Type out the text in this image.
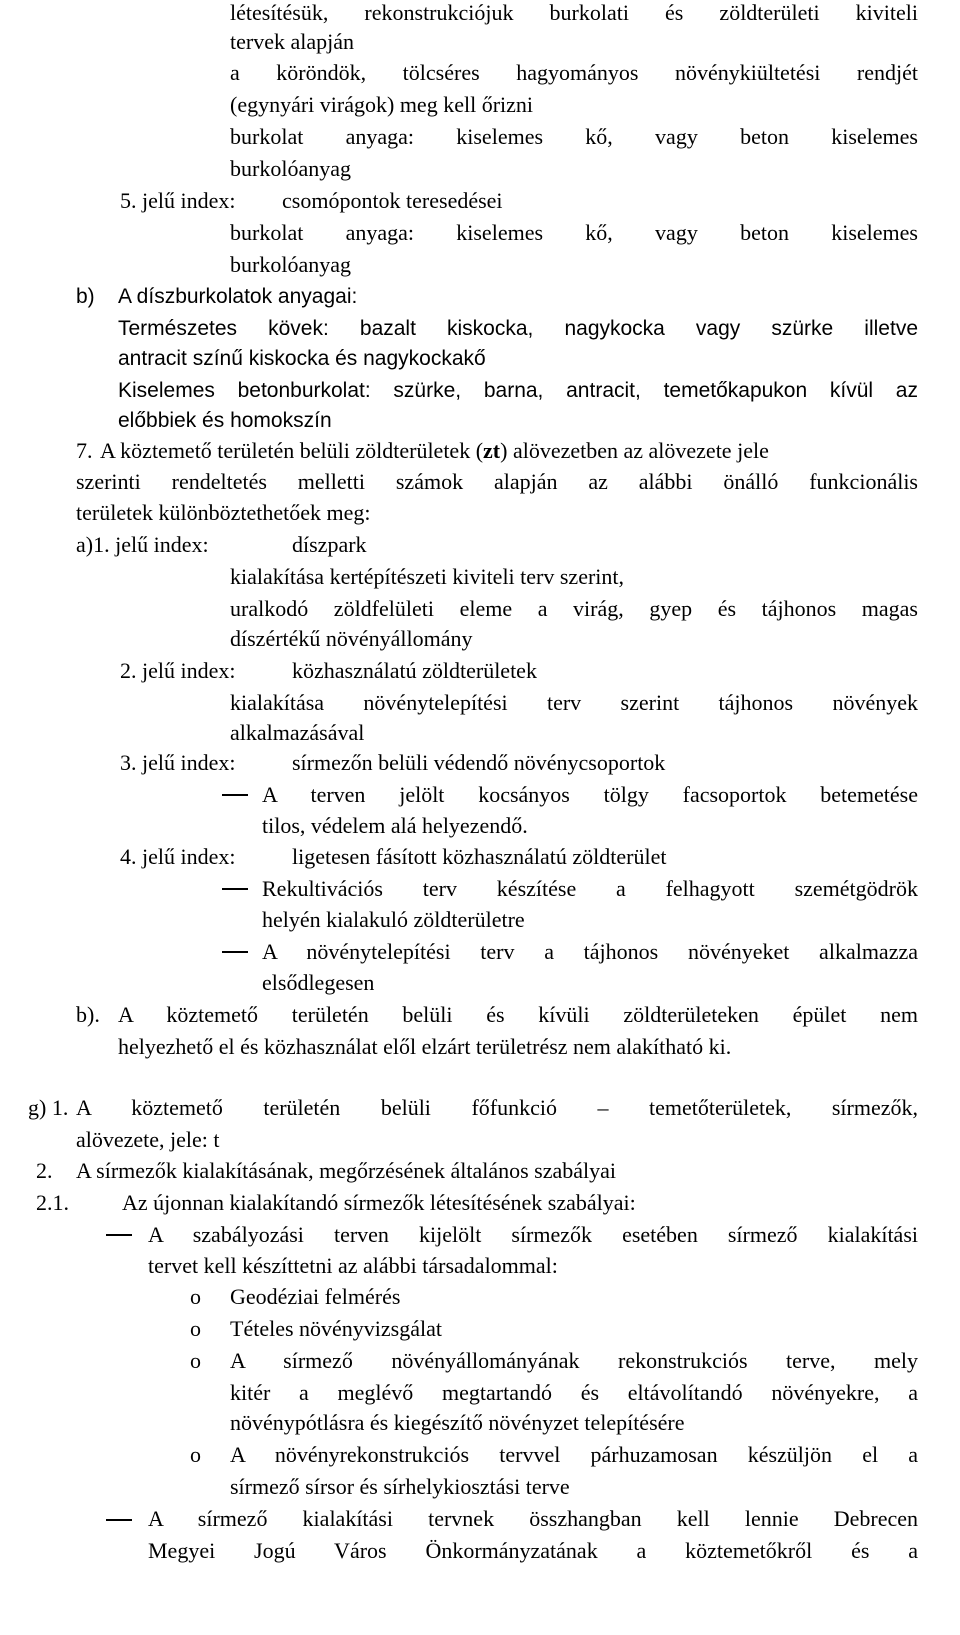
létesítésük, rekonstrukciójuk burkolati és zöldterületi kiviteli
tervek alapján
a köröndök, tölcséres hagyományos növénykiültetési rendjét
(egynyári virágok) meg kell őrizni
burkolat anyaga: kiselemes kő, vagy beton kiselemes
burkolóanyag
5. jelű index: csomópontok teresedései
burkolat anyaga: kiselemes kő, vagy beton kiselemes
burkolóanyag
b) A díszburkolatok anyagai:
Természetes kövek: bazalt kiskocka, nagykocka vagy szürke illetve
antracit színű kiskocka és nagykockakő
Kiselemes betonburkolat: szürke, barna, antracit, temetőkapukon kívül az
előbbiek és homokszín
7. A köztemető területén belüli zöldterületek (zt) alövezetben az alövezete jele
szerinti rendeltetés melletti számok alapján az alábbi önálló funkcionális
területek különböztethetőek meg:
a)1. jelű index:	díszpark
kialakítása kertépítészeti kiviteli terv szerint,
uralkodó zöldfelületi eleme a virág, gyep és tájhonos magas
díszértékű növényállomány
2. jelű index:	közhasználatú zöldterületek
kialakítása növénytelepítési terv szerint tájhonos növények
alkalmazásával
3. jelű index:	sírmezőn belüli védendő növénycsoportok
A terven jelölt kocsányos tölgy facsoportok betemetése
tilos, védelem alá helyezendő.
4. jelű index:	ligetesen fásított közhasználatú zöldterület
Rekultivációs terv készítése a felhagyott szemétgödrök
helyén kialakuló zöldterületre
A növénytelepítési terv a tájhonos növényeket alkalmazza
elsődlegesen
b). A köztemető területén belüli és kívüli zöldterületeken épület nem
helyezhető el és közhasználat elől elzárt területrész nem alakítható ki.
g) 1. A köztemető területén belüli főfunkció – temetőterületek, sírmezők,
alövezete, jele: t
2. A sírmezők kialakításának, megőrzésének általános szabályai
2.1. Az újonnan kialakítandó sírmezők létesítésének szabályai:
A szabályozási terven kijelölt sírmezők esetében sírmező kialakítási
tervet kell készíttetni az alábbi társadalommal:
o Geodéziai felmérés
o Tételes növényvizsgálat
o A sírmező növényállományának rekonstrukciós terve, mely
kitér a meglévő megtartandó és eltávolítandó növényekre, a
növénypótlásra és kiegészítő növényzet telepítésére
o A növényrekonstrukciós tervvel párhuzamosan készüljön el a
sírmező sírsor és sírhelykiosztási terve
A sírmező kialakítási tervnek összhangban kell lennie Debrecen
Megyei Jogú Város Önkormányzatának a köztemetőkről és a
